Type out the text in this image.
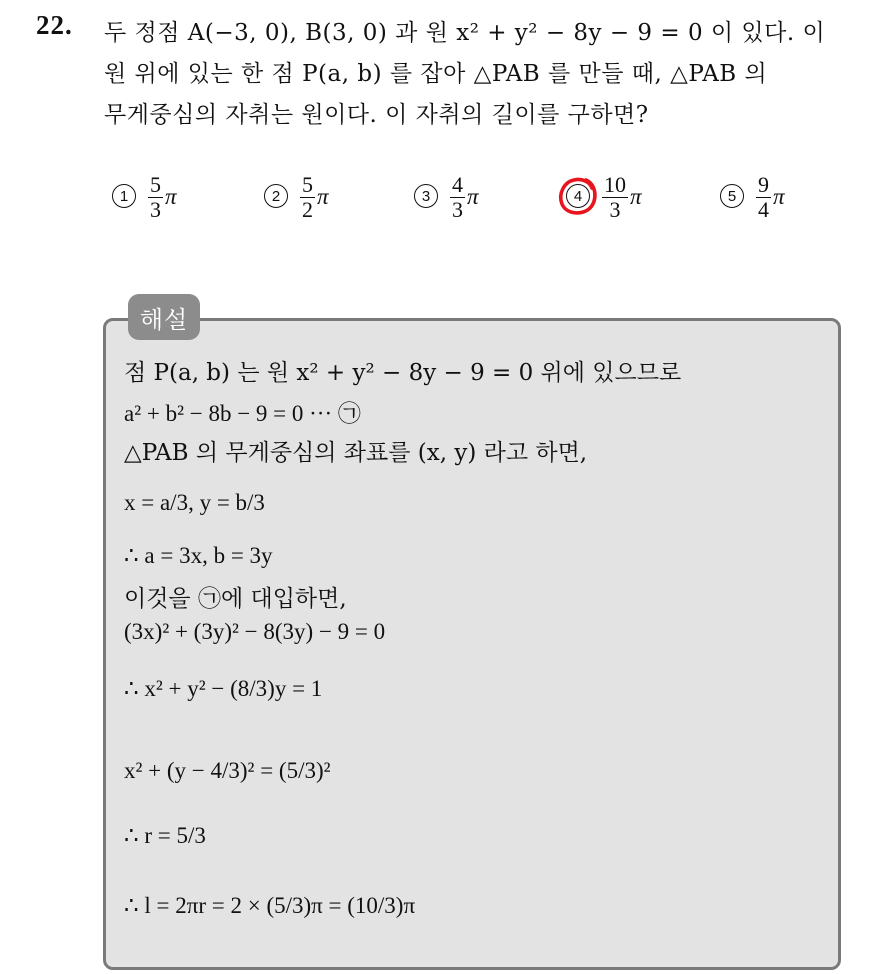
22. 두 정점 A(−3, 0), B(3, 0) 과 원 x² + y² − 8y − 9 = 0 이 있다. 이
원 위에 있는 한 점 P(a, b) 를 잡아 △PAB 를 만들 때, △PAB 의
무게중심의 자취는 원이다. 이 자취의 길이를 구하면?
$1 \frac{5}{3}$ π	$2 \frac{5}{2}$ π	$3 \frac{4}{3}$ π	$4 \frac{10}{3}$ π	$5 \frac{9}{4}$ π
해설
점 P(a, b) 는 원 x² + y² − 8y − 9 = 0 위에 있으므로
a² + b² − 8b − 9 = 0 ··· ㉠
△PAB 의 무게중심의 좌표를 (x, y) 라고 하면,
x = a/3, y = b/3
∴ a = 3x, b = 3y
이것을 ㉠에 대입하면,
(3x)² + (3y)² − 8(3y) − 9 = 0
∴ x² + y² − (8/3)y = 1
x² + (y − 4/3)² = (5/3)²
∴ r = 5/3
∴ l = 2πr = 2 × (5/3)π = (10/3)π
